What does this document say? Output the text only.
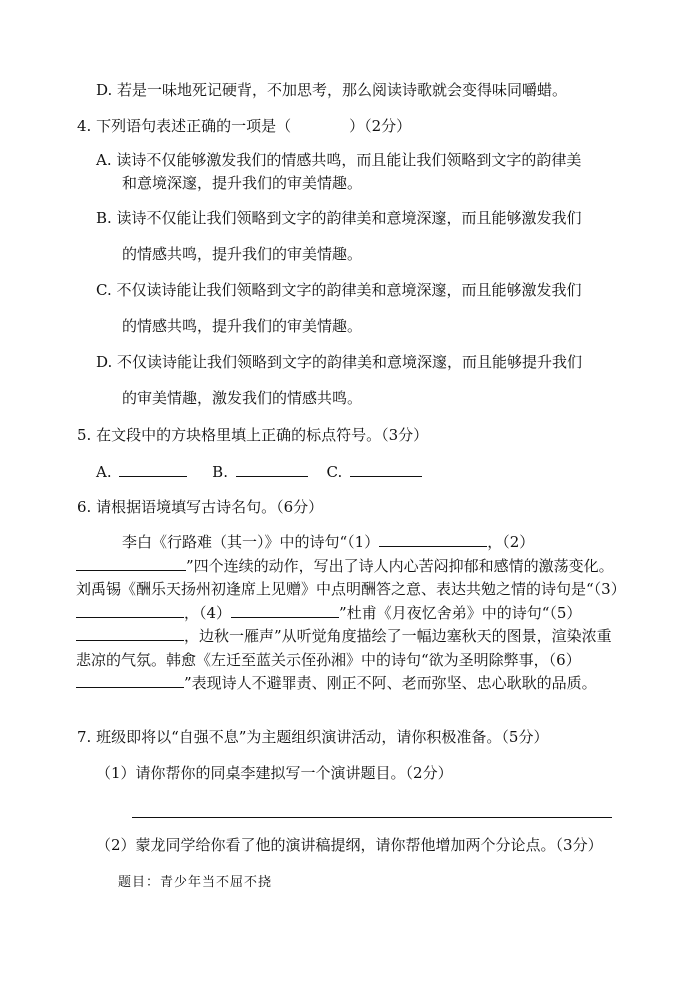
D. 若是一味地死记硬背，不加思考，那么阅读诗歌就会变得味同嚼蜡。
4. 下列语句表述正确的一项是（	）（2分）
A. 读诗不仅能够激发我们的情感共鸣，而且能让我们领略到文字的韵律美
和意境深邃，提升我们的审美情趣。
B. 读诗不仅能让我们领略到文字的韵律美和意境深邃，而且能够激发我们
的情感共鸣，提升我们的审美情趣。
C. 不仅读诗能让我们领略到文字的韵律美和意境深邃，而且能够激发我们
的情感共鸣，提升我们的审美情趣。
D. 不仅读诗能让我们领略到文字的韵律美和意境深邃，而且能够提升我们
的审美情趣，激发我们的情感共鸣。
5. 在文段中的方块格里填上正确的标点符号。（3分）
A.	B.	C.
6. 请根据语境填写古诗名句。（6分）
李白《行路难（其一）》中的诗句“（1）	，（2）”四个连续的动作，写出了诗人内心苦闷抑郁和感情的激荡变化。刘禹锡《酬乐天扬州初逢席上见赠》中点明酬答之意、表达共勉之情的诗句是“（3），（4）	”杜甫《月夜忆舍弟》中的诗句“（5），边秋一雁声”从听觉角度描绘了一幅边塞秋天的图景，渲染浓重悲凉的气氛。韩愈《左迁至蓝关示侄孙湘》中的诗句“欲为圣明除弊事，（6）”表现诗人不避罪责、刚正不阿、老而弥坚、忠心耿耿的品质。
7. 班级即将以“自强不息”为主题组织演讲活动，请你积极准备。（5分）
（1）请你帮你的同桌李建拟写一个演讲题目。（2分）
（2）蒙龙同学给你看了他的演讲稿提纲，请你帮他增加两个分论点。（3分）
题目：青少年当不屈不挠
